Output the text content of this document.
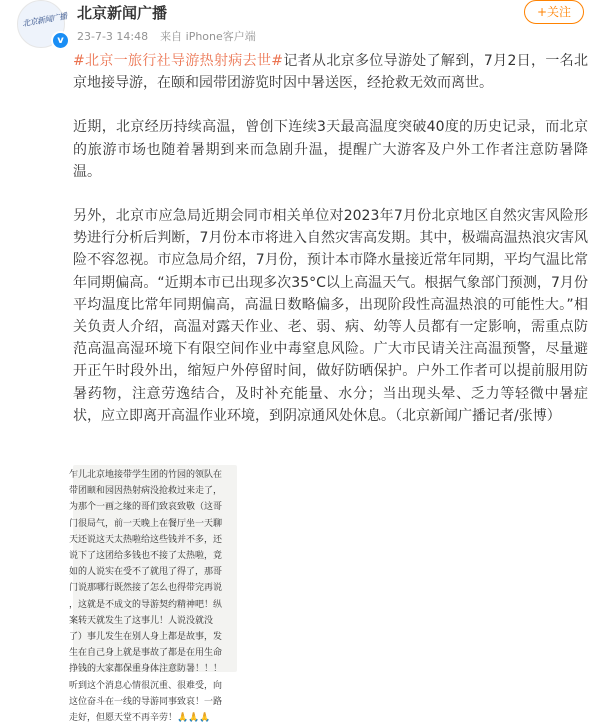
北京新闻广播
v
北京新闻广播
23-7-3 14:48 来自 iPhone客户端
+关注

#北京一旅行社导游热射病去世#记者从北京多位导游处了解到，7月2日，一名北京地接导游，在颐和园带团游览时因中暑送医，经抢救无效而离世。

近期，北京经历持续高温，曾创下连续3天最高温度突破40度的历史记录，而北京的旅游市场也随着暑期到来而急剧升温，提醒广大游客及户外工作者注意防暑降温。

另外，北京市应急局近期会同市相关单位对2023年7月份北京地区自然灾害风险形势进行分析后判断，7月份本市将进入自然灾害高发期。其中，极端高温热浪灾害风险不容忽视。市应急局介绍，7月份，预计本市降水量接近常年同期，平均气温比常年同期偏高。“近期本市已出现多次35°C以上高温天气。根据气象部门预测，7月份平均温度比常年同期偏高，高温日数略偏多，出现阶段性高温热浪的可能性大。”相关负责人介绍，高温对露天作业、老、弱、病、幼等人员都有一定影响，需重点防范高温高湿环境下有限空间作业中毒窒息风险。广大市民请关注高温预警，尽量避开正午时段外出，缩短户外停留时间，做好防晒保护。户外工作者可以提前服用防暑药物，注意劳逸结合，及时补充能量、水分；当出现头晕、乏力等轻微中暑症状，应立即离开高温作业环境，到阴凉通风处休息。（北京新闻广播记者/张博）

乍儿北京地接带学生团的竹园的领队在
带团颐和园因热射病没抢救过来走了，
为那个一画之缘的哥们致哀致敬（这哥
门很局气，前一天晚上在餐厅坐一天聊
天还说这天太热啦给这些钱并不多，还
说下了这团给多钱也不接了太热啦，竟
如的人说实在受不了就甩了得了，那哥
门说那哪行既然接了怎么也得带完再说
，这就是不成文的导游契约精神吧！纵
案转天就发生了这事儿！人说没就没
了）事儿发生在别人身上都是故事，发
生在自己身上就是事故了都是在用生命
挣钱的大家都保重身体注意防暑！！！
听到这个消息心情很沉重、很难受，向
这位奋斗在一线的导游同事致哀！一路
走好，但愿天堂不再辛劳！🙏🙏🙏
